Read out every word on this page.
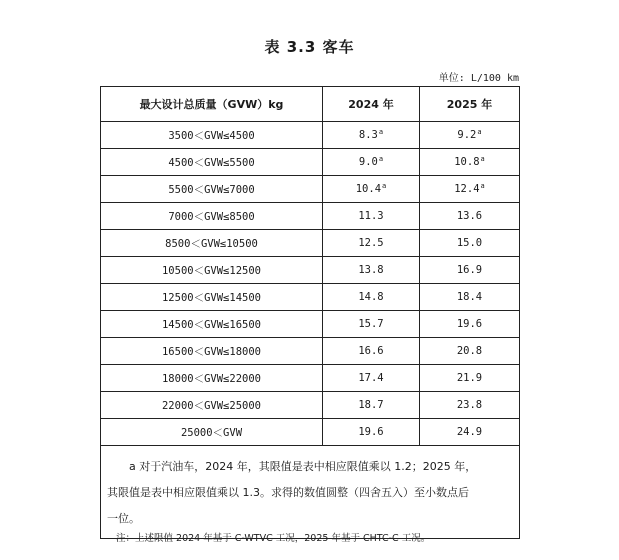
表 3.3 客车
单位: L/100 km
最大设计总质量（GVW）kg	2024 年	2025 年
3500＜GVW≤4500	8.3$^a$	9.2$^a$
4500＜GVW≤5500	9.0$^a$	10.8$^a$
5500＜GVW≤7000	10.4$^a$	12.4$^a$
7000＜GVW≤8500	11.3	13.6
8500＜GVW≤10500	12.5	15.0
10500＜GVW≤12500	13.8	16.9
12500＜GVW≤14500	14.8	18.4
14500＜GVW≤16500	15.7	19.6
16500＜GVW≤18000	16.6	20.8
18000＜GVW≤22000	17.4	21.9
22000＜GVW≤25000	18.7	23.8
25000＜GVW	19.6	24.9

a 对于汽油车，2024 年，其限值是表中相应限值乘以 1.2；2025 年，
其限值是表中相应限值乘以 1.3。求得的数值圆整（四舍五入）至小数点后
一位。		
注：上述限值 2024 年基于 C-WTVC 工况，2025 年基于 CHTC-C 工况。
